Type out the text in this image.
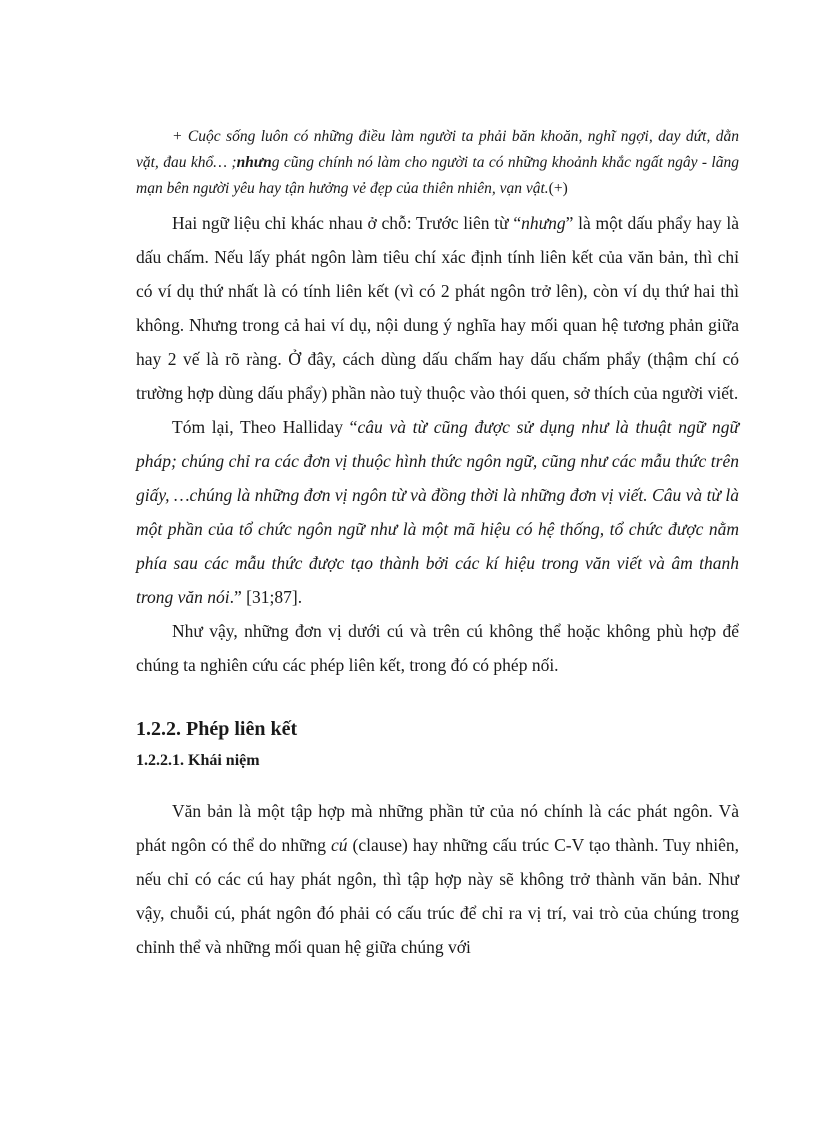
+ Cuộc sống luôn có những điều làm người ta phải băn khoăn, nghĩ ngợi, day dứt, dằn vặt, đau khổ… ;nhưng cũng chính nó làm cho người ta có những khoảnh khắc ngất ngây - lãng mạn bên người yêu hay tận hưởng vẻ đẹp của thiên nhiên, vạn vật.(+)

Hai ngữ liệu chỉ khác nhau ở chỗ: Trước liên từ “nhưng” là một dấu phẩy hay là dấu chấm. Nếu lấy phát ngôn làm tiêu chí xác định tính liên kết của văn bản, thì chỉ có ví dụ thứ nhất là có tính liên kết (vì có 2 phát ngôn trở lên), còn ví dụ thứ hai thì không. Nhưng trong cả hai ví dụ, nội dung ý nghĩa hay mối quan hệ tương phản giữa hay 2 vế là rõ ràng. Ở đây, cách dùng dấu chấm hay dấu chấm phẩy (thậm chí có trường hợp dùng dấu phẩy) phần nào tuỳ thuộc vào thói quen, sở thích của người viết.

Tóm lại, Theo Halliday “câu và từ cũng được sử dụng như là thuật ngữ ngữ pháp; chúng chỉ ra các đơn vị thuộc hình thức ngôn ngữ, cũng như các mẫu thức trên giấy, …chúng là những đơn vị ngôn từ và đồng thời là những đơn vị viết. Câu và từ là một phần của tổ chức ngôn ngữ như là một mã hiệu có hệ thống, tổ chức được nằm phía sau các mẫu thức được tạo thành bởi các kí hiệu trong văn viết và âm thanh trong văn nói.” [31;87].

Như vậy, những đơn vị dưới cú và trên cú không thể hoặc không phù hợp để chúng ta nghiên cứu các phép liên kết, trong đó có phép nối.

1.2.2. Phép liên kết
1.2.2.1. Khái niệm

Văn bản là một tập hợp mà những phần tử của nó chính là các phát ngôn. Và phát ngôn có thể do những cú (clause) hay những cấu trúc C-V tạo thành. Tuy nhiên, nếu chỉ có các cú hay phát ngôn, thì tập hợp này sẽ không trở thành văn bản. Như vậy, chuỗi cú, phát ngôn đó phải có cấu trúc để chỉ ra vị trí, vai trò của chúng trong chỉnh thể và những mối quan hệ giữa chúng với
